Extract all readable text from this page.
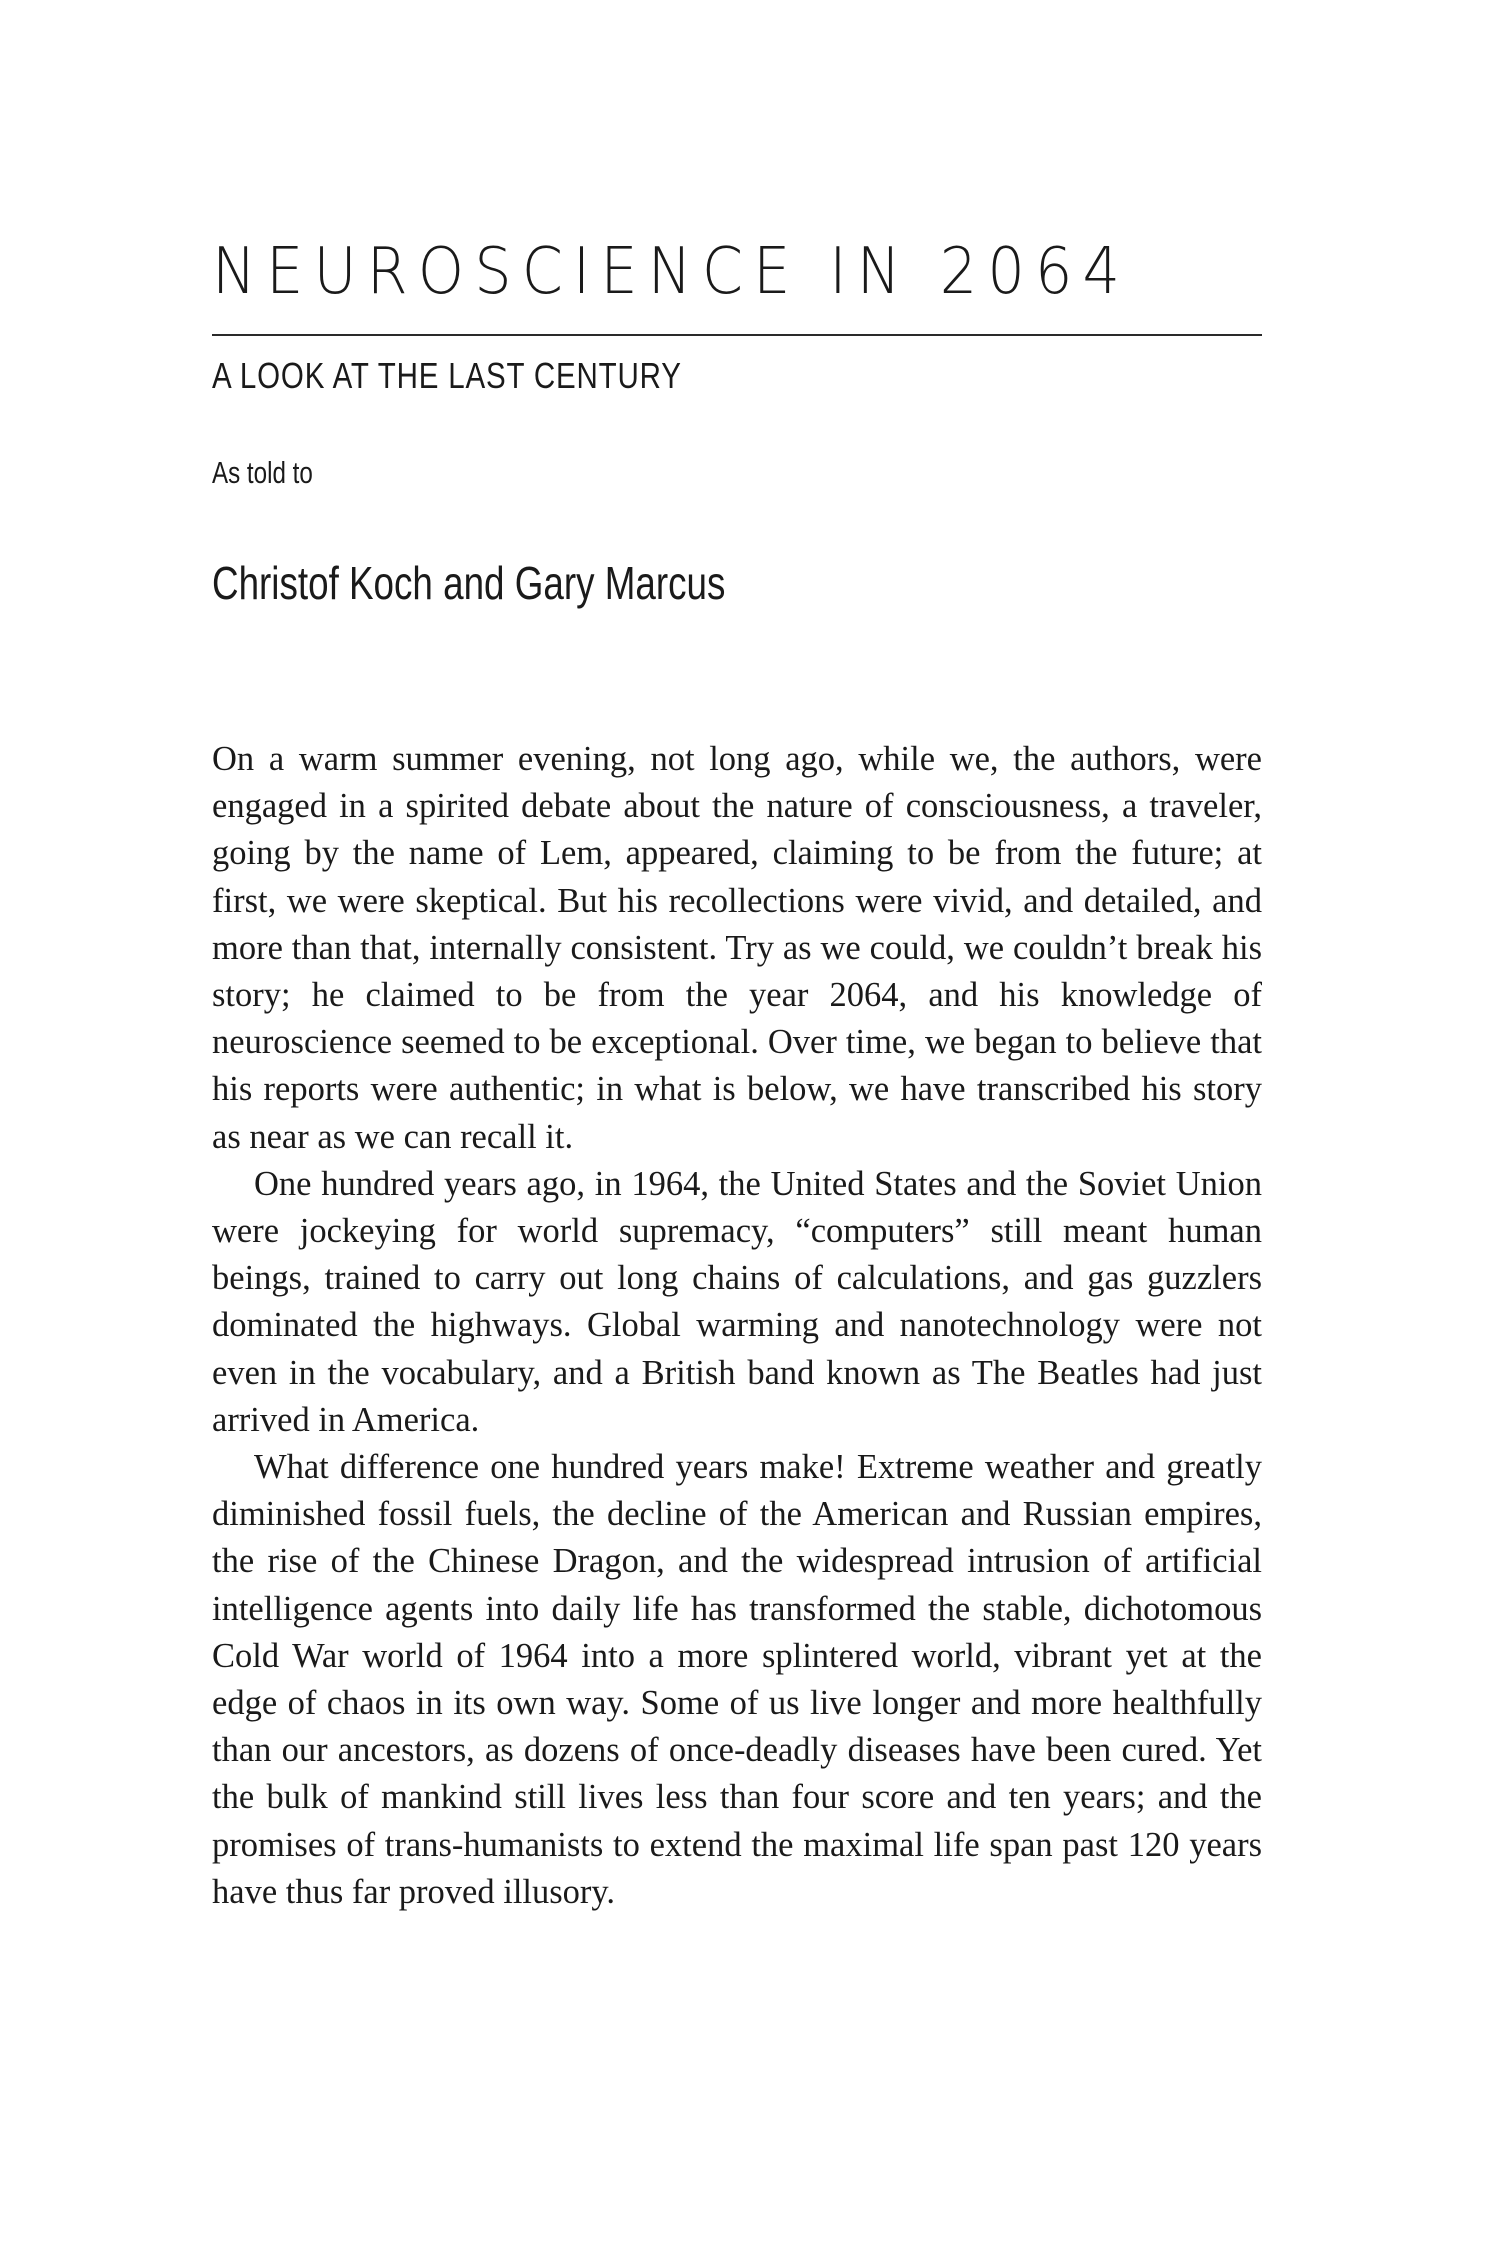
NEUROSCIENCE IN 2064
A LOOK AT THE LAST CENTURY
As told to
Christof Koch and Gary Marcus

On a warm summer evening, not long ago, while we, the authors, were engaged in a spirited debate about the nature of consciousness, a traveler, going by the name of Lem, appeared, claiming to be from the future; at first, we were skeptical. But his recollections were vivid, and detailed, and more than that, internally consistent. Try as we could, we couldn’t break his story; he claimed to be from the year 2064, and his knowledge of neuroscience seemed to be exceptional. Over time, we began to believe that his reports were authentic; in what is below, we have transcribed his story as near as we can recall it.

One hundred years ago, in 1964, the United States and the Soviet Union were jockeying for world supremacy, “computers” still meant human beings, trained to carry out long chains of calculations, and gas guzzlers dominated the highways. Global warming and nanotechnology were not even in the vocabulary, and a British band known as The Beatles had just arrived in America.

What difference one hundred years make! Extreme weather and greatly diminished fossil fuels, the decline of the American and Russian empires, the rise of the Chinese Dragon, and the widespread intrusion of artificial intelligence agents into daily life has transformed the stable, dichotomous Cold War world of 1964 into a more splintered world, vibrant yet at the edge of chaos in its own way. Some of us live longer and more healthfully than our ancestors, as dozens of once-deadly diseases have been cured. Yet the bulk of mankind still lives less than four score and ten years; and the promises of trans-humanists to extend the maximal life span past 120 years have thus far proved illusory.
